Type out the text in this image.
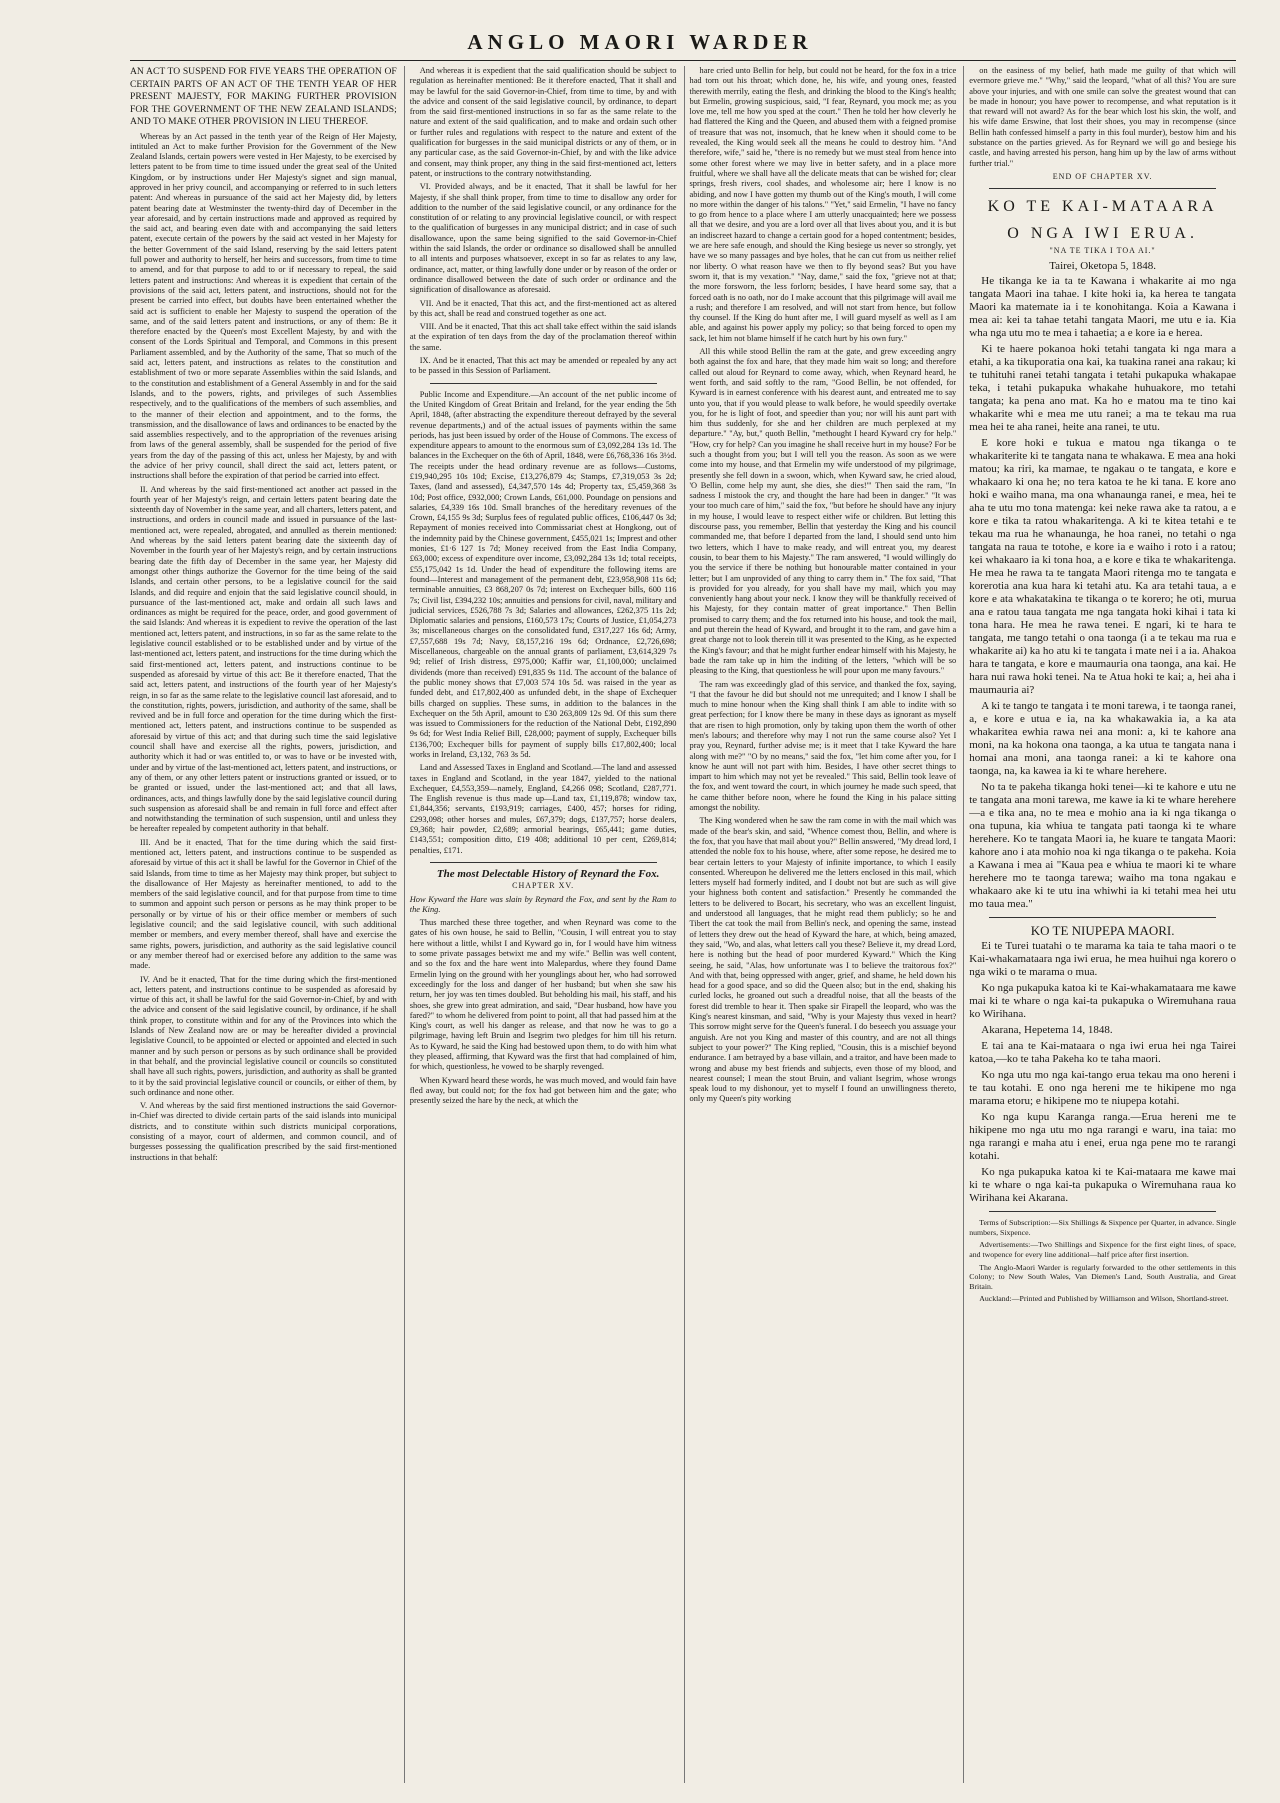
ANGLO MAORI WARDER

AN ACT TO SUSPEND FOR FIVE YEARS THE OPERATION OF CERTAIN PARTS OF AN ACT OF THE TENTH YEAR OF HER PRESENT MAJESTY, FOR MAKING FURTHER PROVISION FOR THE GOVERNMENT OF THE NEW ZEALAND ISLANDS; AND TO MAKE OTHER PROVISION IN LIEU THEREOF.

Whereas by an Act passed in the tenth year of the Reign of Her Majesty, intituled an Act to make further Provision for the Government of the New Zealand Islands, certain powers were vested in Her Majesty, to be exercised by letters patent to be from time to time issued under the great seal of the United Kingdom, or by instructions under Her Majesty's signet and sign manual, approved in her privy council, and accompanying or referred to in such letters patent: And whereas in pursuance of the said act her Majesty did, by letters patent bearing date at Westminster the twenty-third day of December in the year aforesaid, and by certain instructions made and approved as required by the said act, and bearing even date with and accompanying the said letters patent, execute certain of the powers by the said act vested in her Majesty for the better Government of the said Island, reserving by the said letters patent full power and authority to herself, her heirs and successors, from time to time to amend, and for that purpose to add to or if necessary to repeal, the said letters patent and instructions: And whereas it is expedient that certain of the provisions of the said act, letters patent, and instructions, should not for the present be carried into effect, but doubts have been entertained whether the said act is sufficient to enable her Majesty to suspend the operation of the same, and of the said letters patent and instructions, or any of them: Be it therefore enacted by the Queen's most Excellent Majesty, by and with the consent of the Lords Spiritual and Temporal, and Commons in this present Parliament assembled, and by the Authority of the same, That so much of the said act, letters patent, and instructions as relates to the constitution and establishment of two or more separate Assemblies within the said Islands, and to the constitution and establishment of a General Assembly in and for the said Islands, and to the powers, rights, and privileges of such Assemblies respectively, and to the qualifications of the members of such assemblies, and to the manner of their election and appointment, and to the forms, the transmission, and the disallowance of laws and ordinances to be enacted by the said assemblies respectively, and to the appropriation of the revenues arising from laws of the general assembly, shall be suspended for the period of five years from the day of the passing of this act, unless her Majesty, by and with the advice of her privy council, shall direct the said act, letters patent, or instructions shall before the expiration of that period be carried into effect.

II. And whereas by the said first-mentioned act another act passed in the fourth year of her Majesty's reign, and certain letters patent bearing date the sixteenth day of November in the same year, and all charters, letters patent, and instructions, and orders in council made and issued in pursuance of the last-mentioned act, were repealed, abrogated, and annulled as therein mentioned: And whereas by the said letters patent bearing date the sixteenth day of November in the fourth year of her Majesty's reign, and by certain instructions bearing date the fifth day of December in the same year, her Majesty did amongst other things authorize the Governor for the time being of the said Islands, and certain other persons, to be a legislative council for the said Islands, and did require and enjoin that the said legislative council should, in pursuance of the last-mentioned act, make and ordain all such laws and ordinances as might be required for the peace, order, and good government of the said Islands: And whereas it is expedient to revive the operation of the last mentioned act, letters patent, and instructions, in so far as the same relate to the legislative council established or to be established under and by virtue of the last-mentioned act, letters patent, and instructions for the time during which the said first-mentioned act, letters patent, and instructions continue to be suspended as aforesaid by virtue of this act: Be it therefore enacted, That the said act, letters patent, and instructions of the fourth year of her Majesty's reign, in so far as the same relate to the legislative council last aforesaid, and to the constitution, rights, powers, jurisdiction, and authority of the same, shall be revived and be in full force and operation for the time during which the first-mentioned act, letters patent, and instructions continue to be suspended as aforesaid by virtue of this act; and that during such time the said legislative council shall have and exercise all the rights, powers, jurisdiction, and authority which it had or was entitled to, or was to have or be invested with, under and by virtue of the last-mentioned act, letters patent, and instructions, or any of them, or any other letters patent or instructions granted or issued, or to be granted or issued, under the last-mentioned act; and that all laws, ordinances, acts, and things lawfully done by the said legislative council during such suspension as aforesaid shall be and remain in full force and effect after and notwithstanding the termination of such suspension, until and unless they be hereafter repealed by competent authority in that behalf.

III. And be it enacted, That for the time during which the said first-mentioned act, letters patent, and instructions continue to be suspended as aforesaid by virtue of this act it shall be lawful for the Governor in Chief of the said Islands, from time to time as her Majesty may think proper, but subject to the disallowance of Her Majesty as hereinafter mentioned, to add to the members of the said legislative council, and for that purpose from time to time to summon and appoint such person or persons as he may think proper to be personally or by virtue of his or their office member or members of such legislative council; and the said legislative council, with such additional member or members, and every member thereof, shall have and exercise the same rights, powers, jurisdiction, and authority as the said legislative council or any member thereof had or exercised before any addition to the same was made.

IV. And be it enacted, That for the time during which the first-mentioned act, letters patent, and instructions continue to be suspended as aforesaid by virtue of this act, it shall be lawful for the said Governor-in-Chief, by and with the advice and consent of the said legislative council, by ordinance, if he shall think proper, to constitute within and for any of the Provinces into which the Islands of New Zealand now are or may be hereafter divided a provincial legislative Council, to be appointed or elected or appointed and elected in such manner and by such person or persons as by such ordinance shall be provided in that behalf, and the provincial legislative council or councils so constituted shall have all such rights, powers, jurisdiction, and authority as shall be granted to it by the said provincial legislative council or councils, or either of them, by such ordinance and none other.

V. And whereas by the said first mentioned instructions the said Governor-in-Chief was directed to divide certain parts of the said islands into municipal districts, and to constitute within such districts municipal corporations, consisting of a mayor, court of aldermen, and common council, and of burgesses possessing the qualification prescribed by the said first-mentioned instructions in that behalf:

And whereas it is expedient that the said qualification should be subject to regulation as hereinafter mentioned: Be it therefore enacted, That it shall and may be lawful for the said Governor-in-Chief, from time to time, by and with the advice and consent of the said legislative council, by ordinance, to depart from the said first-mentioned instructions in so far as the same relate to the nature and extent of the said qualification, and to make and ordain such other or further rules and regulations with respect to the nature and extent of the qualification for burgesses in the said municipal districts or any of them, or in any particular case, as the said Governor-in-Chief, by and with the like advice and consent, may think proper, any thing in the said first-mentioned act, letters patent, or instructions to the contrary notwithstanding.

VI. Provided always, and be it enacted, That it shall be lawful for her Majesty, if she shall think proper, from time to time to disallow any order for addition to the number of the said legislative council, or any ordinance for the constitution of or relating to any provincial legislative council, or with respect to the qualification of burgesses in any municipal district; and in case of such disallowance, upon the same being signified to the said Governor-in-Chief within the said Islands, the order or ordinance so disallowed shall be annulled to all intents and purposes whatsoever, except in so far as relates to any law, ordinance, act, matter, or thing lawfully done under or by reason of the order or ordinance disallowed between the date of such order or ordinance and the signification of disallowance as aforesaid.

VII. And be it enacted, That this act, and the first-mentioned act as altered by this act, shall be read and construed together as one act.

VIII. And be it enacted, That this act shall take effect within the said islands at the expiration of ten days from the day of the proclamation thereof within the same.

IX. And be it enacted, That this act may be amended or repealed by any act to be passed in this Session of Parliament.

Public Income and Expenditure.—An account of the net public income of the United Kingdom of Great Britain and Ireland, for the year ending the 5th April, 1848, (after abstracting the expenditure thereout defrayed by the several revenue departments,) and of the actual issues of payments within the same periods, has just been issued by order of the House of Commons. The excess of expenditure appears to amount to the enormous sum of £3,092,284 13s 1d. The balances in the Exchequer on the 6th of April, 1848, were £6,768,336 16s 3½d. The receipts under the head ordinary revenue are as follows—Customs, £19,940,295 10s 10d; Excise, £13,276,879 4s; Stamps, £7,319,053 3s 2d; Taxes, (land and assessed), £4,347,570 14s 4d; Property tax, £5,459,368 3s 10d; Post office, £932,000; Crown Lands, £61,000. Poundage on pensions and salaries, £4,339 16s 10d. Small branches of the hereditary revenues of the Crown, £4,155 9s 3d; Surplus fees of regulated public offices, £106,447 0s 3d; Repayment of monies received into Commissariat chest at Hongkong, out of the indemnity paid by the Chinese government, £455,021 1s; Imprest and other monies, £1·6 127 1s 7d; Money received from the East India Company, £63,000; excess of expenditure over income, £3,092,284 13s 1d; total receipts, £55,175,042 1s 1d. Under the head of expenditure the following items are found—Interest and management of the permanent debt, £23,958,908 11s 6d; terminable annuities, £3 868,207 0s 7d; interest on Exchequer bills, 600 116 7s; Civil list, £394,232 10s; annuities and pensions for civil, naval, military and judicial services, £526,788 7s 3d; Salaries and allowances, £262,375 11s 2d; Diplomatic salaries and pensions, £160,573 17s; Courts of Justice, £1,054,273 3s; miscellaneous charges on the consolidated fund, £317,227 16s 6d; Army, £7,557,688 19s 7d; Navy, £8,157,216 19s 6d; Ordnance, £2,726,698; Miscellaneous, chargeable on the annual grants of parliament, £3,614,329 7s 9d; relief of Irish distress, £975,000; Kaffir war, £1,100,000; unclaimed dividends (more than received) £91,835 9s 11d. The account of the balance of the public money shows that £7,003 574 10s 5d. was raised in the year as funded debt, and £17,802,400 as unfunded debt, in the shape of Exchequer bills charged on supplies. These sums, in addition to the balances in the Exchequer on the 5th April, amount to £30 263,809 12s 9d. Of this sum there was issued to Commissioners for the reduction of the National Debt, £192,890 9s 6d; for West India Relief Bill, £28,000; payment of supply, Exchequer bills £136,700; Exchequer bills for payment of supply bills £17,802,400; local works in Ireland, £3,132, 763 3s 5d.

Land and Assessed Taxes in England and Scotland.—The land and assessed taxes in England and Scotland, in the year 1847, yielded to the national Exchequer, £4,553,359—namely, England, £4,266 098; Scotland, £287,771. The English revenue is thus made up—Land tax, £1,119,878; window tax, £1,844,356; servants, £193,919; carriages, £400, 457; horses for riding, £293,098; other horses and mules, £67,379; dogs, £137,757; horse dealers, £9,368; hair powder, £2,689; armorial bearings, £65,441; game duties, £143,551; composition ditto, £19 408; additional 10 per cent, £269,814; penalties, £171.

The most Delectable History of Reynard the Fox.

CHAPTER XV.

How Kyward the Hare was slain by Reynard the Fox, and sent by the Ram to the King.

Thus marched these three together, and when Reynard was come to the gates of his own house, he said to Bellin, "Cousin, I will entreat you to stay here without a little, whilst I and Kyward go in, for I would have him witness to some private passages betwixt me and my wife." Bellin was well content, and so the fox and the hare went into Malepardus, where they found Dame Ermelin lying on the ground with her younglings about her, who had sorrowed exceedingly for the loss and danger of her husband; but when she saw his return, her joy was ten times doubled. But beholding his mail, his staff, and his shoes, she grew into great admiration, and said, "Dear husband, how have you fared?" to whom he delivered from point to point, all that had passed him at the King's court, as well his danger as release, and that now he was to go a pilgrimage, having left Bruin and Isegrim two pledges for him till his return. As to Kyward, he said the King had bestowed upon them, to do with him what they pleased, affirming, that Kyward was the first that had complained of him, for which, questionless, he vowed to be sharply revenged.

When Kyward heard these words, he was much moved, and would fain have fled away, but could not; for the fox had got between him and the gate; who presently seized the hare by the neck, at which the

hare cried unto Bellin for help, but could not be heard, for the fox in a trice had torn out his throat; which done, he, his wife, and young ones, feasted therewith merrily, eating the flesh, and drinking the blood to the King's health; but Ermelin, growing suspicious, said, "I fear, Reynard, you mock me; as you love me, tell me how you sped at the court." Then he told her how cleverly he had flattered the King and the Queen, and abused them with a feigned promise of treasure that was not, insomuch, that he knew when it should come to be revealed, the King would seek all the means he could to destroy him. "And therefore, wife," said he, "there is no remedy but we must steal from hence into some other forest where we may live in better safety, and in a place more fruitful, where we shall have all the delicate meats that can be wished for; clear springs, fresh rivers, cool shades, and wholesome air; here I know is no abiding, and now I have gotten my thumb out of the King's mouth, I will come no more within the danger of his talons." "Yet," said Ermelin, "I have no fancy to go from hence to a place where I am utterly unacquainted; here we possess all that we desire, and you are a lord over all that lives about you, and it is but an indiscreet hazard to change a certain good for a hoped contentment; besides, we are here safe enough, and should the King besiege us never so strongly, yet have we so many passages and bye holes, that he can cut from us neither relief nor liberty. O what reason have we then to fly beyond seas? But you have sworn it, that is my vexation." "Nay, dame," said the fox, "grieve not at that; the more forsworn, the less forlorn; besides, I have heard some say, that a forced oath is no oath, nor do I make account that this pilgrimage will avail me a rush; and therefore I am resolved, and will not start from hence, but follow thy counsel. If the King do hunt after me, I will guard myself as well as I am able, and against his power apply my policy; so that being forced to open my sack, let him not blame himself if he catch hurt by his own fury."

All this while stood Bellin the ram at the gate, and grew exceeding angry both against the fox and hare, that they made him wait so long; and therefore called out aloud for Reynard to come away, which, when Reynard heard, he went forth, and said softly to the ram, "Good Bellin, be not offended, for Kyward is in earnest conference with his dearest aunt, and entreated me to say unto you, that if you would please to walk before, he would speedily overtake you, for he is light of foot, and speedier than you; nor will his aunt part with him thus suddenly, for she and her children are much perplexed at my departure." "Ay, but," quoth Bellin, "methought I heard Kyward cry for help." "How, cry for help? Can you imagine he shall receive hurt in my house? For be such a thought from you; but I will tell you the reason. As soon as we were come into my house, and that Ermelin my wife understood of my pilgrimage, presently she fell down in a swoon, which, when Kyward saw, he cried aloud, 'O Bellin, come help my aunt, she dies, she dies!'" Then said the ram, "In sadness I mistook the cry, and thought the hare had been in danger." "It was your too much care of him," said the fox, "but before he should have any injury in my house, I would leave to respect either wife or children. But letting this discourse pass, you remember, Bellin that yesterday the King and his council commanded me, that before I departed from the land, I should send unto him two letters, which I have to make ready, and will entreat you, my dearest cousin, to bear them to his Majesty." The ram answered, "I would willingly do you the service if there be nothing but honourable matter contained in your letter; but I am unprovided of any thing to carry them in." The fox said, "That is provided for you already, for you shall have my mail, which you may conveniently hang about your neck. I know they will be thankfully received of his Majesty, for they contain matter of great importance." Then Bellin promised to carry them; and the fox returned into his house, and took the mail, and put therein the head of Kyward, and brought it to the ram, and gave him a great charge not to look therein till it was presented to the King, as he expected the King's favour; and that he might further endear himself with his Majesty, he bade the ram take up in him the inditing of the letters, "which will be so pleasing to the King, that questionless he will pour upon me many favours."

The ram was exceedingly glad of this service, and thanked the fox, saying, "I that the favour he did but should not me unrequited; and I know I shall be much to mine honour when the King shall think I am able to indite with so great perfection; for I know there be many in these days as ignorant as myself that are risen to high promotion, only by taking upon them the worth of other men's labours; and therefore why may I not run the same course also? Yet I pray you, Reynard, further advise me; is it meet that I take Kyward the hare along with me?" "O by no means," said the fox, "let him come after you, for I know he aunt will not part with him. Besides, I have other secret things to impart to him which may not yet be revealed." This said, Bellin took leave of the fox, and went toward the court, in which journey he made such speed, that he came thither before noon, where he found the King in his palace sitting amongst the nobility.

The King wondered when he saw the ram come in with the mail which was made of the bear's skin, and said, "Whence comest thou, Bellin, and where is the fox, that you have that mail about you?" Bellin answered, "My dread lord, I attended the noble fox to his house, where, after some repose, he desired me to bear certain letters to your Majesty of infinite importance, to which I easily consented. Whereupon he delivered me the letters enclosed in this mail, which letters myself had formerly indited, and I doubt not but are such as will give your highness both content and satisfaction." Presently he commanded the letters to be delivered to Bocart, his secretary, who was an excellent linguist, and understood all languages, that he might read them publicly; so he and Tibert the cat took the mail from Bellin's neck, and opening the same, instead of letters they drew out the head of Kyward the hare, at which, being amazed, they said, "Wo, and alas, what letters call you these? Believe it, my dread Lord, here is nothing but the head of poor murdered Kyward." Which the King seeing, he said, "Alas, how unfortunate was I to believe the traitorous fox?" And with that, being oppressed with anger, grief, and shame, he held down his head for a good space, and so did the Queen also; but in the end, shaking his curled locks, he groaned out such a dreadful noise, that all the beasts of the forest did tremble to hear it. Then spake sir Firapell the leopard, who was the King's nearest kinsman, and said, "Why is your Majesty thus vexed in heart? This sorrow might serve for the Queen's funeral. I do beseech you assuage your anguish. Are not you King and master of this country, and are not all things subject to your power?" The King replied, "Cousin, this is a mischief beyond endurance. I am betrayed by a base villain, and a traitor, and have been made to wrong and abuse my best friends and subjects, even those of my blood, and nearest counsel; I mean the stout Bruin, and valiant Isegrim, whose wrongs speak loud to my dishonour, yet to myself I found an unwillingness thereto, only my Queen's pity working

on the easiness of my belief, hath made me guilty of that which will evermore grieve me." "Why," said the leopard, "what of all this? You are sure above your injuries, and with one smile can solve the greatest wound that can be made in honour; you have power to recompense, and what reputation is it that reward will not award? As for the bear which lost his skin, the wolf, and his wife dame Erswine, that lost their shoes, you may in recompense (since Bellin hath confessed himself a party in this foul murder), bestow him and his substance on the parties grieved. As for Reynard we will go and besiege his castle, and having arrested his person, hang him up by the law of arms without further trial."

END OF CHAPTER XV.

KO TE KAI-MATAARA

O NGA IWI ERUA.

"NA TE TIKA I TOA AI."

Tairei, Oketopa 5, 1848.

He tikanga ke ia ta te Kawana i whakarite ai mo nga tangata Maori ina tahae. I kite hoki ia, ka herea te tangata Maori ka matemate ia i te konohitanga. Koia a Kawana i mea ai: kei ta tahae tetahi tangata Maori, me utu e ia. Kia wha nga utu mo te mea i tahaetia; a e kore ia e herea.

Ki te haere pokanoa hoki tetahi tangata ki nga mara a etahi, a ka tikuporatia ona kai, ka tuakina ranei ana rakau; ki te tuhituhi ranei tetahi tangata i tetahi pukapuka whakapae teka, i tetahi pukapuka whakahe huhuakore, mo tetahi tangata; ka pena ano mat. Ka ho e matou ma te tino kai whakarite whi e mea me utu ranei; a ma te tekau ma rua mea hei te aha ranei, heite ana ranei, te utu.

E kore hoki e tukua e matou nga tikanga o te whakariterite ki te tangata nana te whakawa. E mea ana hoki matou; ka riri, ka mamae, te ngakau o te tangata, e kore e whakaaro ki ona he; no tera katoa te he ki tana. E kore ano hoki e waiho mana, ma ona whanaunga ranei, e mea, hei te aha te utu mo tona matenga: kei neke rawa ake ta ratou, a e kore e tika ta ratou whakaritenga. A ki te kitea tetahi e te tekau ma rua he whanaunga, he hoa ranei, no tetahi o nga tangata na raua te totohe, e kore ia e waiho i roto i a ratou; kei whakaaro ia ki tona hoa, a e kore e tika te whakaritenga. He mea he rawa ta te tangata Maori ritenga mo te tangata e korerotia ana kua hara ki tetahi atu. Ka ara tetahi taua, a e kore e ata whakatakina te tikanga o te korero; he oti, murua ana e ratou taua tangata me nga tangata hoki kihai i tata ki tona hara. He mea he rawa tenei. E ngari, ki te hara te tangata, me tango tetahi o ona taonga (i a te tekau ma rua e whakarite ai) ka ho atu ki te tangata i mate nei i a ia. Ahakoa hara te tangata, e kore e maumauria ona taonga, ana kai. He hara nui rawa hoki tenei. Na te Atua hoki te kai; a, hei aha i maumauria ai?

A ki te tango te tangata i te moni tarewa, i te taonga ranei, a, e kore e utua e ia, na ka whakawakia ia, a ka ata whakaritea ewhia rawa nei ana moni: a, ki te kahore ana moni, na ka hokona ona taonga, a ka utua te tangata nana i homai ana moni, ana taonga ranei: a ki te kahore ona taonga, na, ka kawea ia ki te whare herehere.

No ta te pakeha tikanga hoki tenei—ki te kahore e utu ne te tangata ana moni tarewa, me kawe ia ki te whare herehere—a e tika ana, no te mea e mohio ana ia ki nga tikanga o ona tupuna, kia whiua te tangata pati taonga ki te whare herehere. Ko te tangata Maori ia, he kuare te tangata Maori: kahore ano i ata mohio noa ki nga tikanga o te pakeha. Koia a Kawana i mea ai "Kaua pea e whiua te maori ki te whare herehere mo te taonga tarewa; waiho ma tona ngakau e whakaaro ake ki te utu ina whiwhi ia ki tetahi mea hei utu mo taua mea."

KO TE NIUPEPA MAORI.

Ei te Turei tuatahi o te marama ka taia te taha maori o te Kai-whakamataara nga iwi erua, he mea huihui nga korero o nga wiki o te marama o mua.

Ko nga pukapuka katoa ki te Kai-whakamataara me kawe mai ki te whare o nga kai-ta pukapuka o Wiremuhana raua ko Wirihana.

Akarana, Hepetema 14, 1848.

E tai ana te Kai-mataara o nga iwi erua hei nga Tairei katoa,—ko te taha Pakeha ko te taha maori.

Ko nga utu mo nga kai-tango erua tekau ma ono hereni i te tau kotahi. E ono nga hereni me te hikipene mo nga marama etoru; e hikipene mo te niupepa kotahi.

Ko nga kupu Karanga ranga.—Erua hereni me te hikipene mo nga utu mo nga rarangi e waru, ina taia: mo nga rarangi e maha atu i enei, erua nga pene mo te rarangi kotahi.

Ko nga pukapuka katoa ki te Kai-mataara me kawe mai ki te whare o nga kai-ta pukapuka o Wiremuhana raua ko Wirihana kei Akarana.

Terms of Subscription:—Six Shillings & Sixpence per Quarter, in advance. Single numbers, Sixpence.

Advertisements:—Two Shillings and Sixpence for the first eight lines, of space, and twopence for every line additional—half price after first insertion.

The Anglo-Maori Warder is regularly forwarded to the other settlements in this Colony; to New South Wales, Van Diemen's Land, South Australia, and Great Britain.

Auckland:—Printed and Published by Williamson and Wilson, Shortland-street.
